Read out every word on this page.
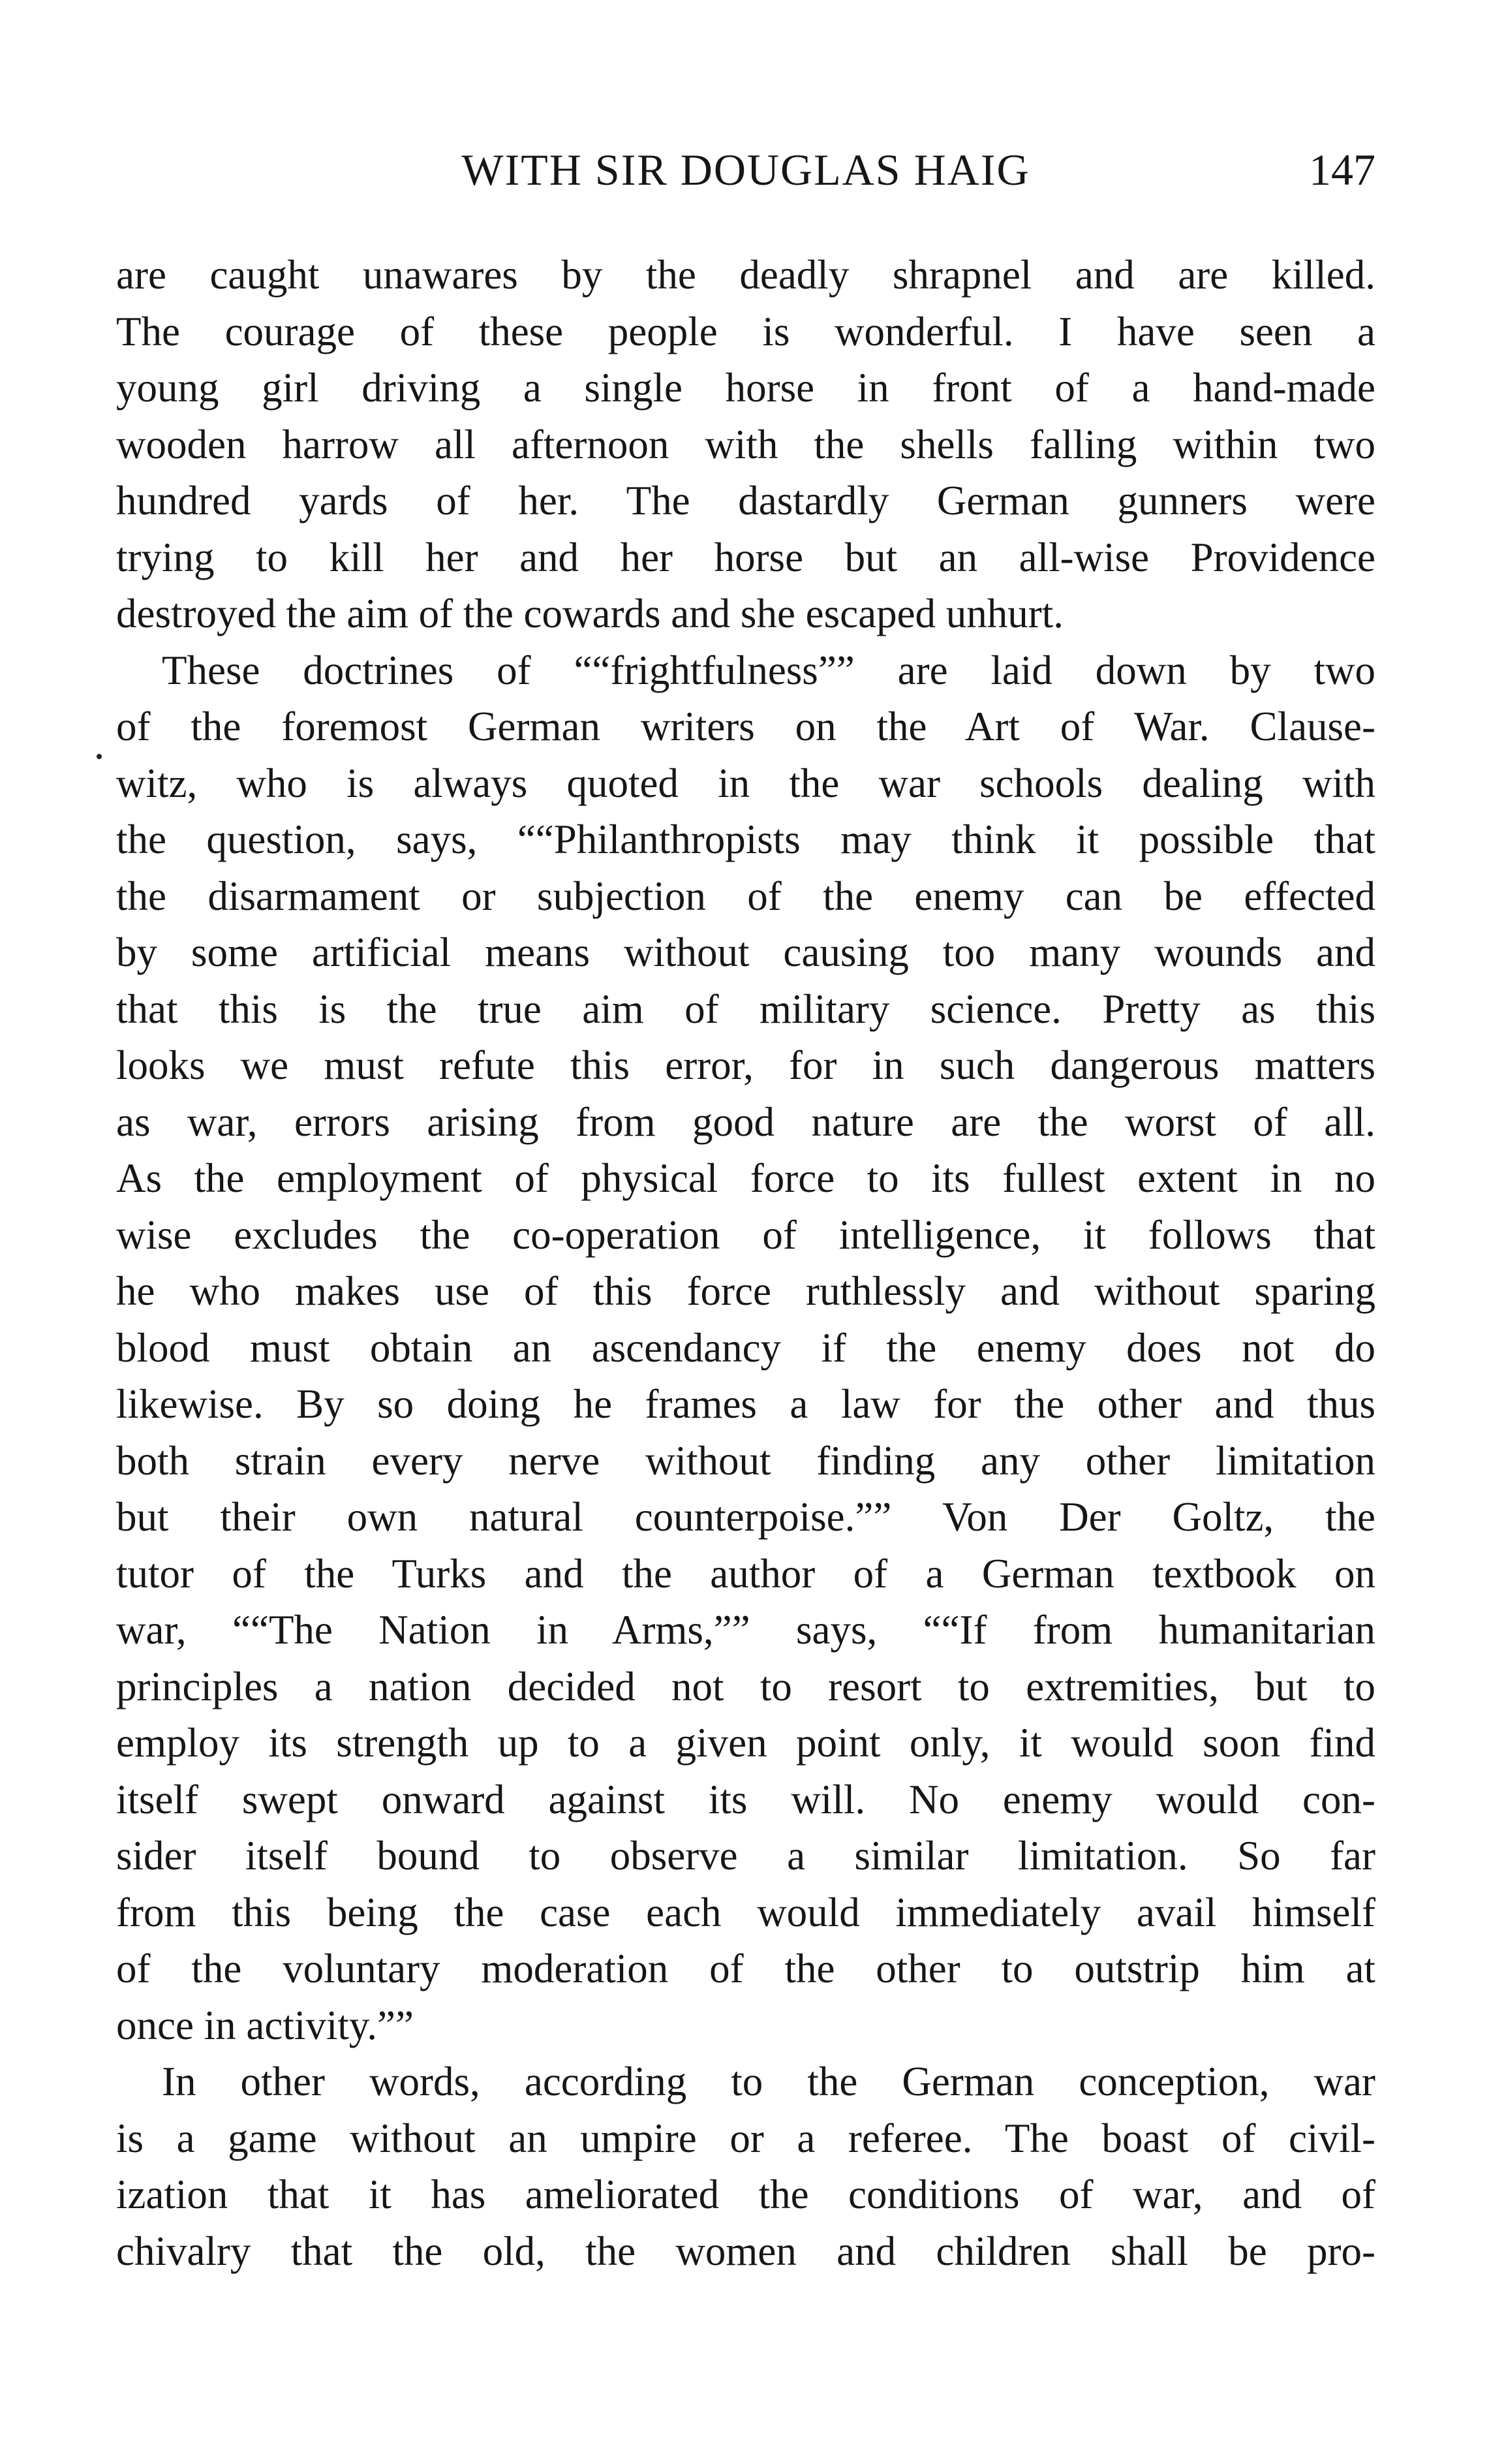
WITH SIR DOUGLAS HAIG	147

are caught unawares by the deadly shrapnel and are killed.
The courage of these people is wonderful. I have seen a
young girl driving a single horse in front of a hand-made
wooden harrow all afternoon with the shells falling within two
hundred yards of her. The dastardly German gunners were
trying to kill her and her horse but an all-wise Providence
destroyed the aim of the cowards and she escaped unhurt.

These doctrines of ““frightfulness”” are laid down by two
of the foremost German writers on the Art of War. Clause-
witz, who is always quoted in the war schools dealing with
the question, says, ““Philanthropists may think it possible that
the disarmament or subjection of the enemy can be effected
by some artificial means without causing too many wounds and
that this is the true aim of military science. Pretty as this
looks we must refute this error, for in such dangerous matters
as war, errors arising from good nature are the worst of all.
As the employment of physical force to its fullest extent in no
wise excludes the co-operation of intelligence, it follows that
he who makes use of this force ruthlessly and without sparing
blood must obtain an ascendancy if the enemy does not do
likewise. By so doing he frames a law for the other and thus
both strain every nerve without finding any other limitation
but their own natural counterpoise.”” Von Der Goltz, the
tutor of the Turks and the author of a German textbook on
war, ““The Nation in Arms,”” says, ““If from humanitarian
principles a nation decided not to resort to extremities, but to
employ its strength up to a given point only, it would soon find
itself swept onward against its will. No enemy would con-
sider itself bound to observe a similar limitation. So far
from this being the case each would immediately avail himself
of the voluntary moderation of the other to outstrip him at
once in activity.””

In other words, according to the German conception, war
is a game without an umpire or a referee. The boast of civil-
ization that it has ameliorated the conditions of war, and of
chivalry that the old, the women and children shall be pro-
